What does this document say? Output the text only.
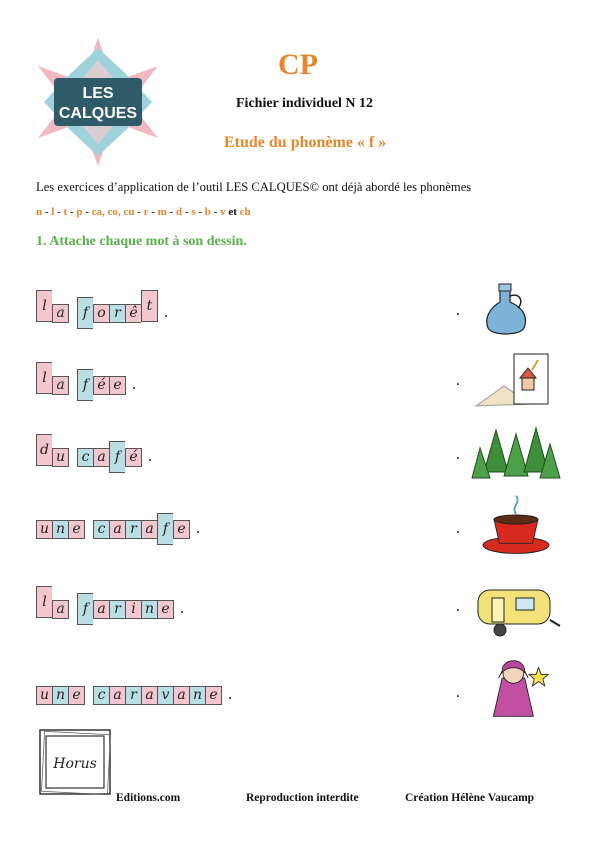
LES
CALQUES
CP
Fichier individuel N 12
Etude du phonème « f »
Les exercices d’application de l’outil LES CALQUES© ont déjà abordé les phonèmes
n - l - t - p - ca, co, cu - r - m - d - s - b - v et ch
1. Attache chaque mot à son dessin.
l a	f o r ê t .
l a	f é e .
d u	c a f é .
u n e	c a r a f e .
l a	f a r i n e .
u n e	c a r a v a n e .
.
.
.
.
.
.
Horus
Editions.com	Reproduction interdite	Création Hélène Vaucamp
